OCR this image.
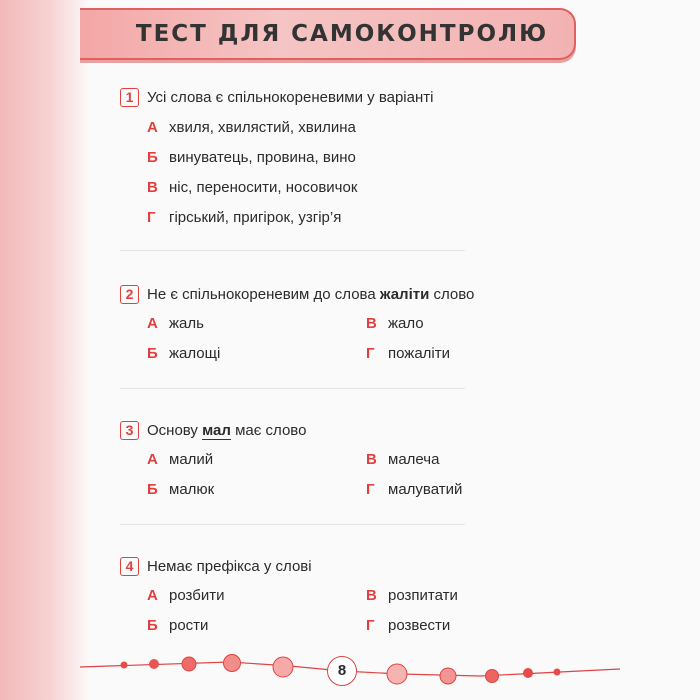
ТЕСТ ДЛЯ САМОКОНТРОЛЮ
1 Усі слова є спільнокореневими у варіанті
А хвиля, хвилястий, хвилина
Б винуватець, провина, вино
В ніс, переносити, носовичок
Г гірський, пригірок, узгір’я
2 Не є спільнокореневим до слова
жаліти
слово
А жаль
Б жалощі
В жало
Г пожаліти
3 Основу
мал
має слово
А малий
Б малюк
В малеча
Г малуватий
4 Немає префікса у слові
А розбити
Б рости
В розпитати
Г розвести
8
